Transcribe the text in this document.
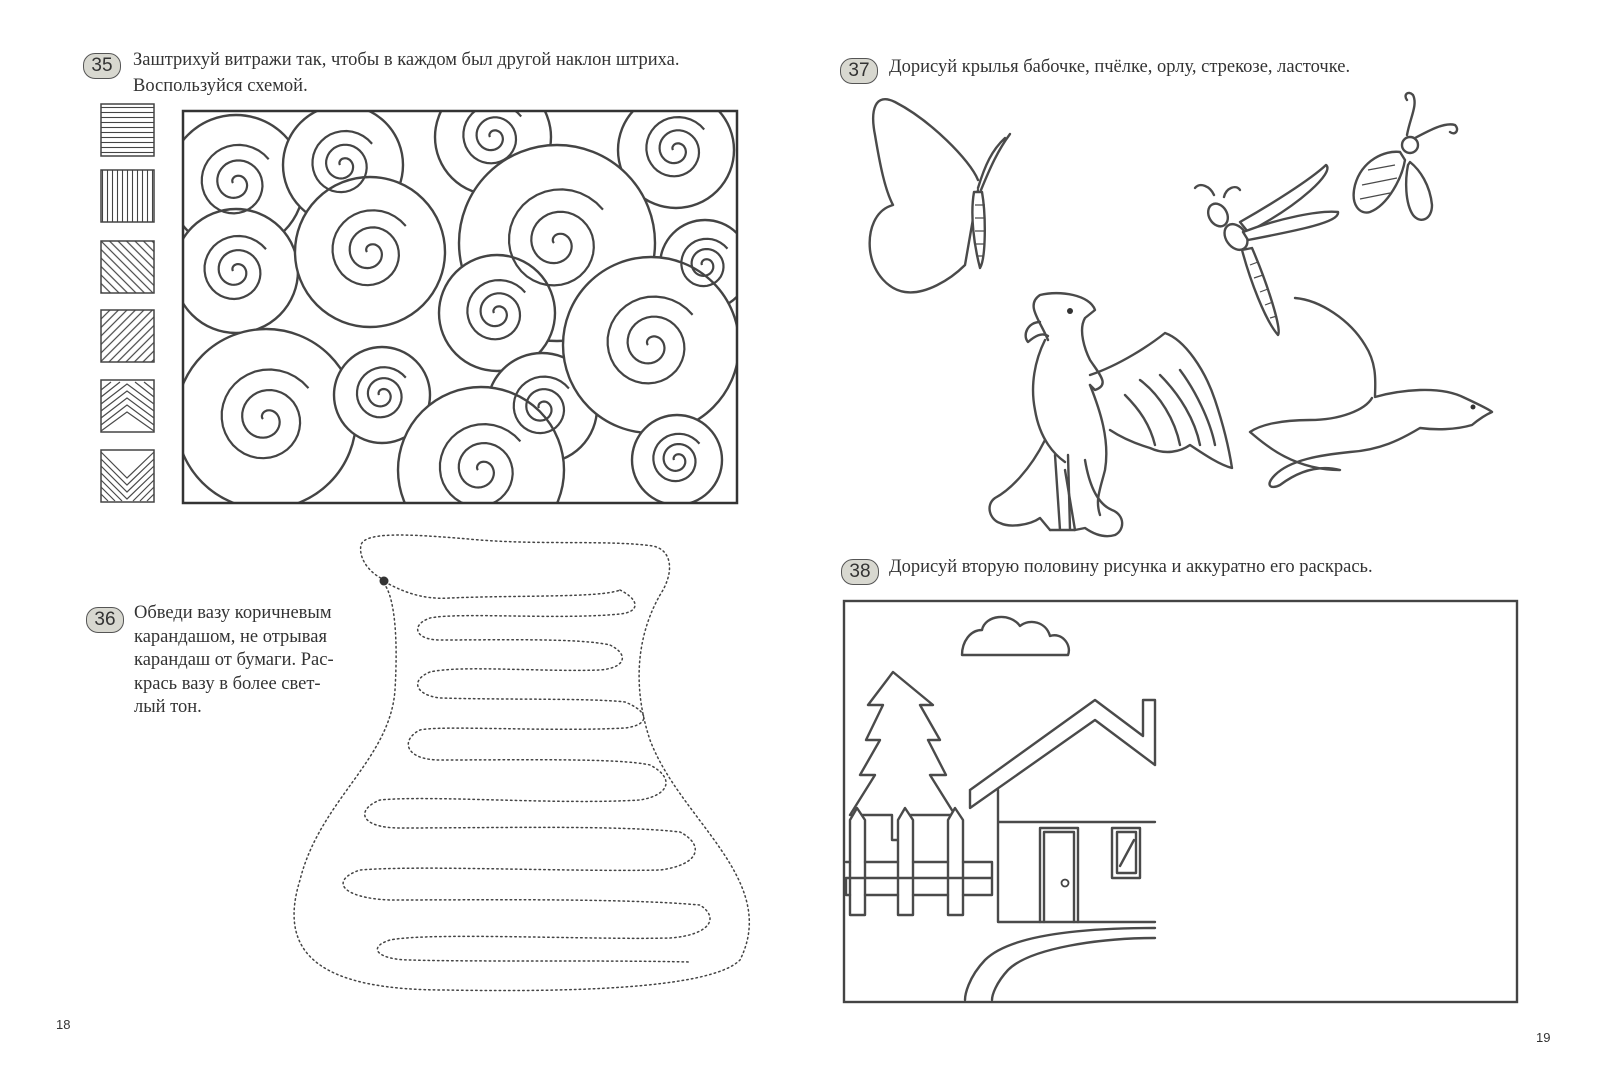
35	Заштрихуй витражи так, чтобы в каждом был другой наклон штриха.
Воспользуйся схемой.
36 Обведи вазу коричневым
карандашом, не отрывая
карандаш от бумаги. Рас-
крась вазу в более свет-
лый тон.
18
37	Дорисуй крылья бабочке, пчёлке, орлу, стрекозе, ласточке.
38 Дорисуй вторую половину рисунка и аккуратно его раскрась.
19
